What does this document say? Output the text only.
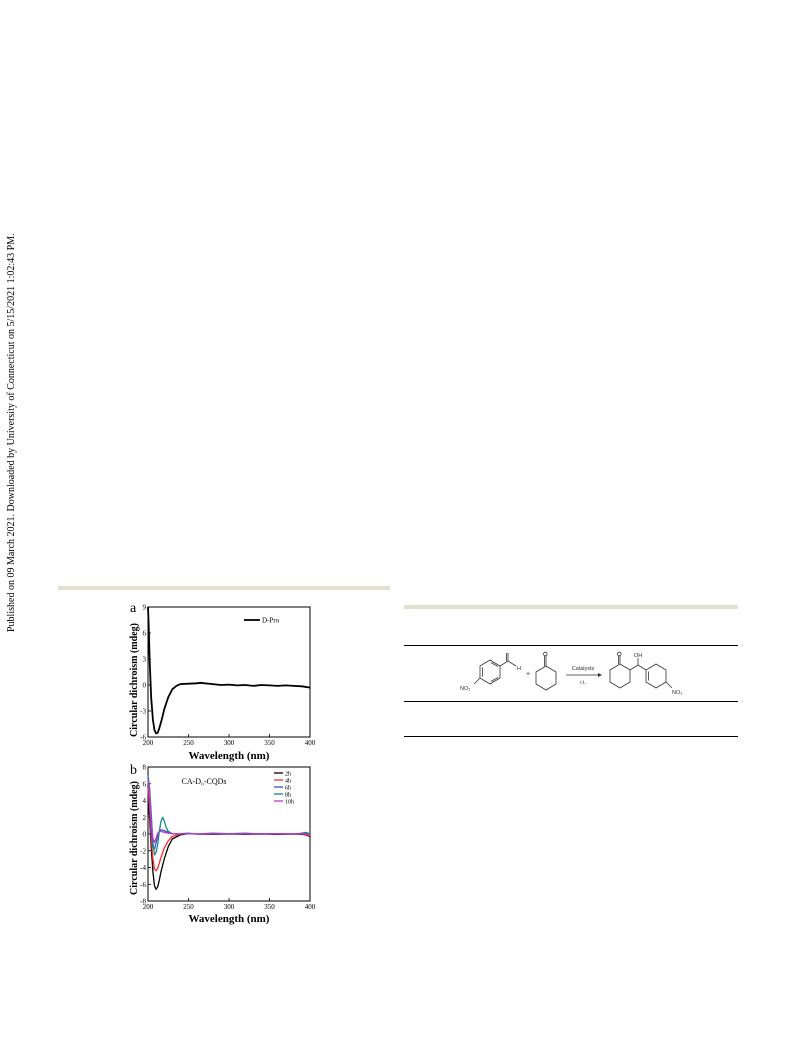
Published on 09 March 2021. Downloaded by University of Connecticut on 5/15/2021 1:02:43 PM.	a
-6
-3
0
3
6
9
200	250	300	350	400
D-Pro
Wavelength (nm)
Circular dichroism (mdeg)
b
-8
-6
-4
-2
0
2
4
6
8
200	250	300	350	400
2h
4h
6h
8h
10h
CA-D₀-CQDs
Wavelength (nm)
Circular dichroism (mdeg)
NO₂
H
+
Catalysts
r.t.
OH
NO₂
